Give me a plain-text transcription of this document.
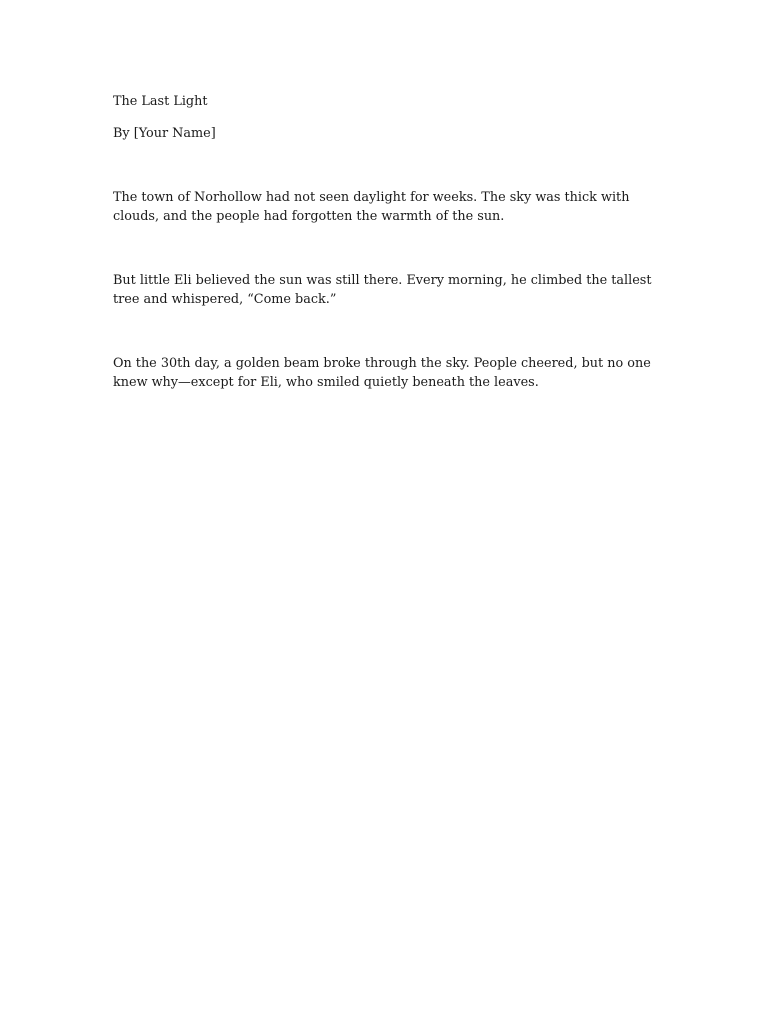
The Last Light

By [Your Name]

The town of Norhollow had not seen daylight for weeks. The sky was thick with clouds, and the people had forgotten the warmth of the sun.

But little Eli believed the sun was still there. Every morning, he climbed the tallest tree and whispered, “Come back.”

On the 30th day, a golden beam broke through the sky. People cheered, but no one knew why—except for Eli, who smiled quietly beneath the leaves.
